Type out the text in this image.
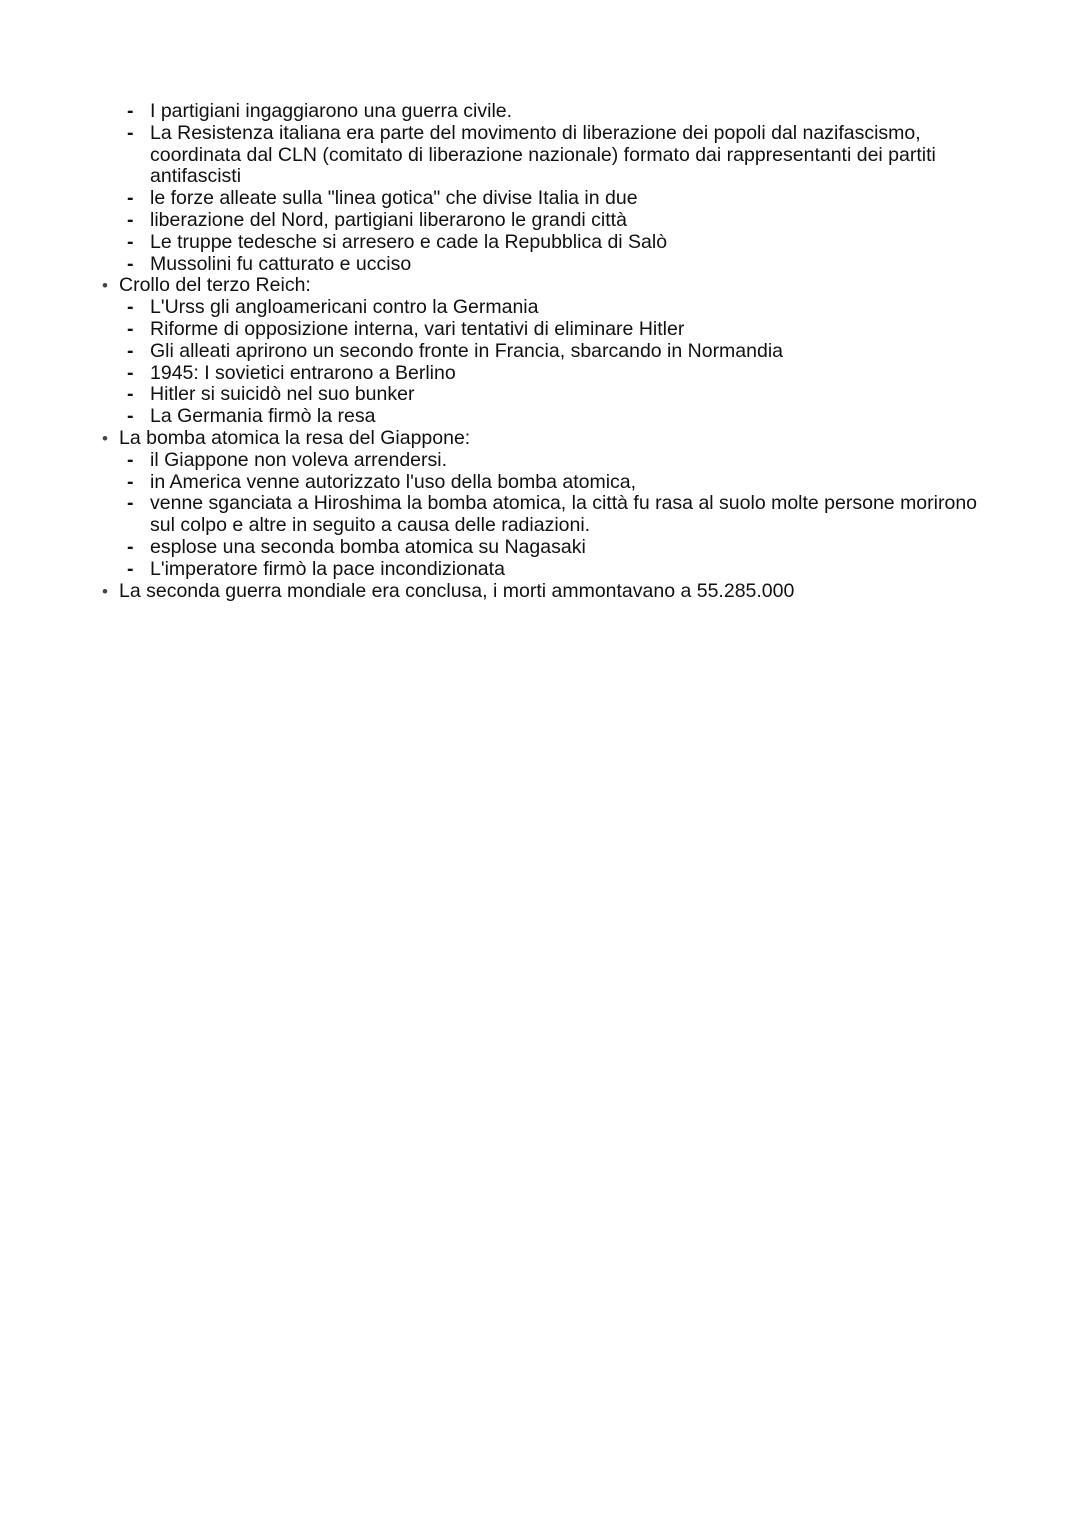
- I partigiani ingaggiarono una guerra civile.
- La Resistenza italiana era parte del movimento di liberazione dei popoli dal nazifascismo, coordinata dal CLN (comitato di liberazione nazionale) formato dai rappresentanti dei partiti antifascisti
- le forze alleate sulla "linea gotica" che divise Italia in due
- liberazione del Nord, partigiani liberarono le grandi città
- Le truppe tedesche si arresero e cade la Repubblica di Salò
- Mussolini fu catturato e ucciso
• Crollo del terzo Reich:
- L'Urss gli angloamericani contro la Germania
- Riforme di opposizione interna, vari tentativi di eliminare Hitler
- Gli alleati aprirono un secondo fronte in Francia, sbarcando in Normandia
- 1945: I sovietici entrarono a Berlino
- Hitler si suicidò nel suo bunker
- La Germania firmò la resa
• La bomba atomica la resa del Giappone:
- il Giappone non voleva arrendersi.
- in America venne autorizzato l'uso della bomba atomica,
- venne sganciata a Hiroshima la bomba atomica, la città fu rasa al suolo molte persone morirono sul colpo e altre in seguito a causa delle radiazioni.
- esplose una seconda bomba atomica su Nagasaki
- L'imperatore firmò la pace incondizionata
• La seconda guerra mondiale era conclusa, i morti ammontavano a 55.285.000
